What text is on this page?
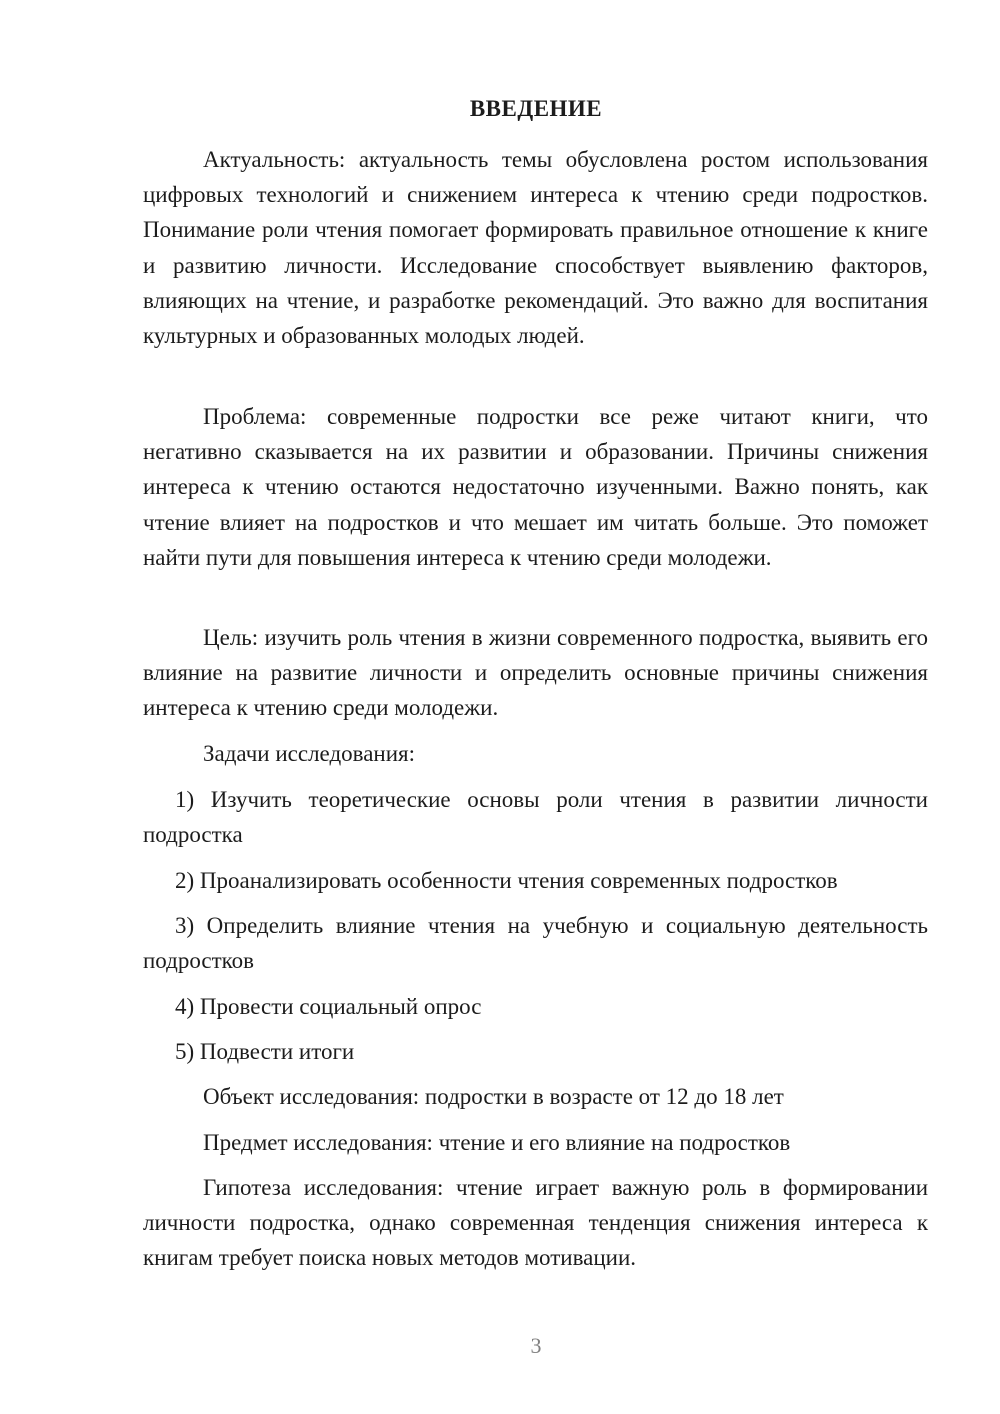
ВВЕДЕНИЕ
Актуальность: актуальность темы обусловлена ростом использования цифровых технологий и снижением интереса к чтению среди подростков. Понимание роли чтения помогает формировать правильное отношение к книге и развитию личности. Исследование способствует выявлению факторов, влияющих на чтение, и разработке рекомендаций. Это важно для воспитания культурных и образованных молодых людей.
Проблема: современные подростки все реже читают книги, что негативно сказывается на их развитии и образовании. Причины снижения интереса к чтению остаются недостаточно изученными. Важно понять, как чтение влияет на подростков и что мешает им читать больше. Это поможет найти пути для повышения интереса к чтению среди молодежи.
Цель: изучить роль чтения в жизни современного подростка, выявить его влияние на развитие личности и определить основные причины снижения интереса к чтению среди молодежи.
Задачи исследования:
1) Изучить теоретические основы роли чтения в развитии личности подростка
2) Проанализировать особенности чтения современных подростков
3) Определить влияние чтения на учебную и социальную деятельность подростков
4) Провести социальный опрос
5) Подвести итоги
Объект исследования: подростки в возрасте от 12 до 18 лет
Предмет исследования: чтение и его влияние на подростков
Гипотеза исследования: чтение играет важную роль в формировании личности подростка, однако современная тенденция снижения интереса к книгам требует поиска новых методов мотивации.
3
